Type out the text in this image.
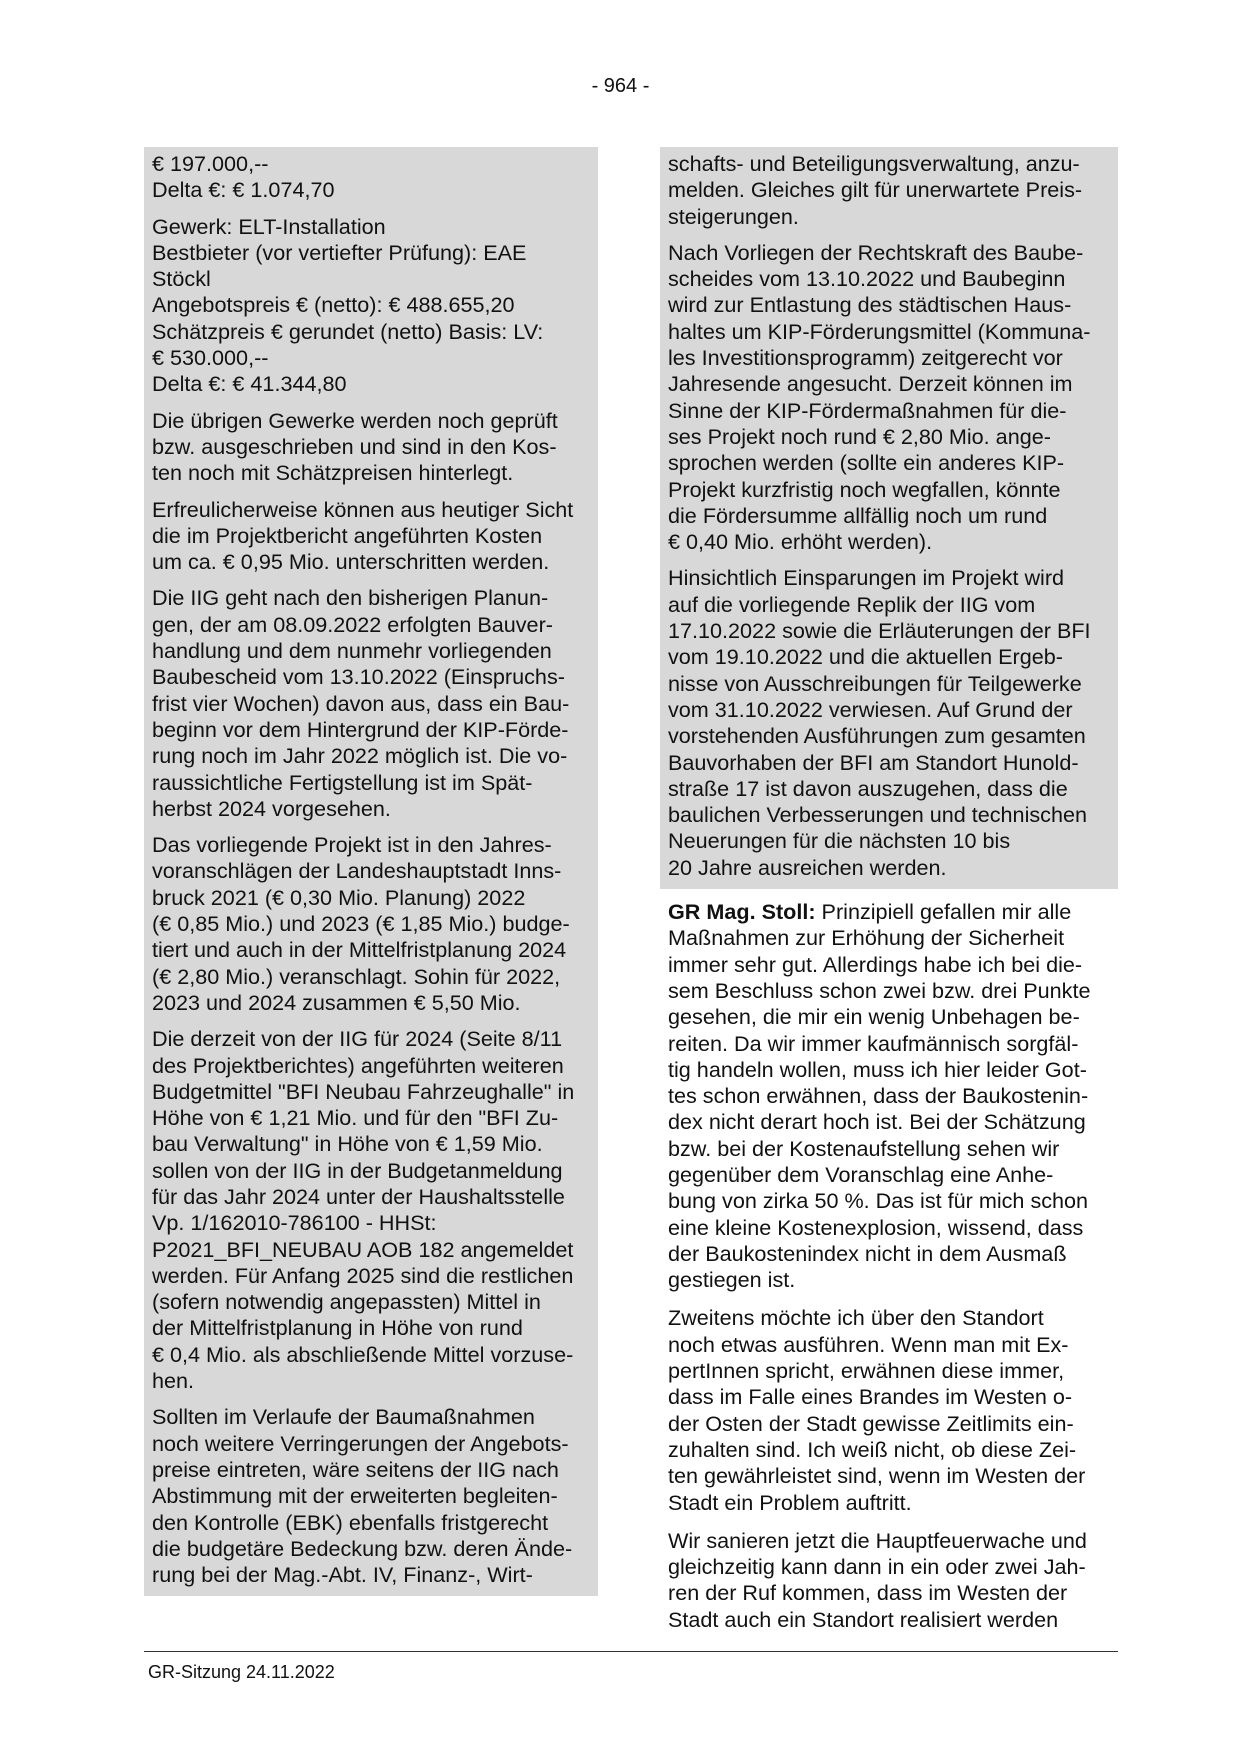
- 964 -

€ 197.000,--
Delta €: € 1.074,70

Gewerk: ELT-Installation
Bestbieter (vor vertiefter Prüfung): EAE
Stöckl
Angebotspreis € (netto): € 488.655,20
Schätzpreis € gerundet (netto) Basis: LV:
€ 530.000,--
Delta €: € 41.344,80

Die übrigen Gewerke werden noch geprüft
bzw. ausgeschrieben und sind in den Kos-
ten noch mit Schätzpreisen hinterlegt.

Erfreulicherweise können aus heutiger Sicht
die im Projektbericht angeführten Kosten
um ca. € 0,95 Mio. unterschritten werden.

Die IIG geht nach den bisherigen Planun-
gen, der am 08.09.2022 erfolgten Bauver-
handlung und dem nunmehr vorliegenden
Baubescheid vom 13.10.2022 (Einspruchs-
frist vier Wochen) davon aus, dass ein Bau-
beginn vor dem Hintergrund der KIP-Förde-
rung noch im Jahr 2022 möglich ist. Die vo-
raussichtliche Fertigstellung ist im Spät-
herbst 2024 vorgesehen.

Das vorliegende Projekt ist in den Jahres-
voranschlägen der Landeshauptstadt Inns-
bruck 2021 (€ 0,30 Mio. Planung) 2022
(€ 0,85 Mio.) und 2023 (€ 1,85 Mio.) budge-
tiert und auch in der Mittelfristplanung 2024
(€ 2,80 Mio.) veranschlagt. Sohin für 2022,
2023 und 2024 zusammen € 5,50 Mio.

Die derzeit von der IIG für 2024 (Seite 8/11
des Projektberichtes) angeführten weiteren
Budgetmittel "BFI Neubau Fahrzeughalle" in
Höhe von € 1,21 Mio. und für den "BFI Zu-
bau Verwaltung" in Höhe von € 1,59 Mio.
sollen von der IIG in der Budgetanmeldung
für das Jahr 2024 unter der Haushaltsstelle
Vp. 1/162010-786100 - HHSt:
P2021_BFI_NEUBAU AOB 182 angemeldet
werden. Für Anfang 2025 sind die restlichen
(sofern notwendig angepassten) Mittel in
der Mittelfristplanung in Höhe von rund
€ 0,4 Mio. als abschließende Mittel vorzuse-
hen.

Sollten im Verlaufe der Baumaßnahmen
noch weitere Verringerungen der Angebots-
preise eintreten, wäre seitens der IIG nach
Abstimmung mit der erweiterten begleiten-
den Kontrolle (EBK) ebenfalls fristgerecht
die budgetäre Bedeckung bzw. deren Ände-
rung bei der Mag.-Abt. IV, Finanz-, Wirt-

schafts- und Beteiligungsverwaltung, anzu-
melden. Gleiches gilt für unerwartete Preis-
steigerungen.

Nach Vorliegen der Rechtskraft des Baube-
scheides vom 13.10.2022 und Baubeginn
wird zur Entlastung des städtischen Haus-
haltes um KIP-Förderungsmittel (Kommuna-
les Investitionsprogramm) zeitgerecht vor
Jahresende angesucht. Derzeit können im
Sinne der KIP-Fördermaßnahmen für die-
ses Projekt noch rund € 2,80 Mio. ange-
sprochen werden (sollte ein anderes KIP-
Projekt kurzfristig noch wegfallen, könnte
die Fördersumme allfällig noch um rund
€ 0,40 Mio. erhöht werden).

Hinsichtlich Einsparungen im Projekt wird
auf die vorliegende Replik der IIG vom
17.10.2022 sowie die Erläuterungen der BFI
vom 19.10.2022 und die aktuellen Ergeb-
nisse von Ausschreibungen für Teilgewerke
vom 31.10.2022 verwiesen. Auf Grund der
vorstehenden Ausführungen zum gesamten
Bauvorhaben der BFI am Standort Hunold-
straße 17 ist davon auszugehen, dass die
baulichen Verbesserungen und technischen
Neuerungen für die nächsten 10 bis
20 Jahre ausreichen werden.

GR Mag. Stoll: Prinzipiell gefallen mir alle
Maßnahmen zur Erhöhung der Sicherheit
immer sehr gut. Allerdings habe ich bei die-
sem Beschluss schon zwei bzw. drei Punkte
gesehen, die mir ein wenig Unbehagen be-
reiten. Da wir immer kaufmännisch sorgfäl-
tig handeln wollen, muss ich hier leider Got-
tes schon erwähnen, dass der Baukostenin-
dex nicht derart hoch ist. Bei der Schätzung
bzw. bei der Kostenaufstellung sehen wir
gegenüber dem Voranschlag eine Anhe-
bung von zirka 50 %. Das ist für mich schon
eine kleine Kostenexplosion, wissend, dass
der Baukostenindex nicht in dem Ausmaß
gestiegen ist.

Zweitens möchte ich über den Standort
noch etwas ausführen. Wenn man mit Ex-
pertInnen spricht, erwähnen diese immer,
dass im Falle eines Brandes im Westen o-
der Osten der Stadt gewisse Zeitlimits ein-
zuhalten sind. Ich weiß nicht, ob diese Zei-
ten gewährleistet sind, wenn im Westen der
Stadt ein Problem auftritt.

Wir sanieren jetzt die Hauptfeuerwache und
gleichzeitig kann dann in ein oder zwei Jah-
ren der Ruf kommen, dass im Westen der
Stadt auch ein Standort realisiert werden

GR-Sitzung 24.11.2022
